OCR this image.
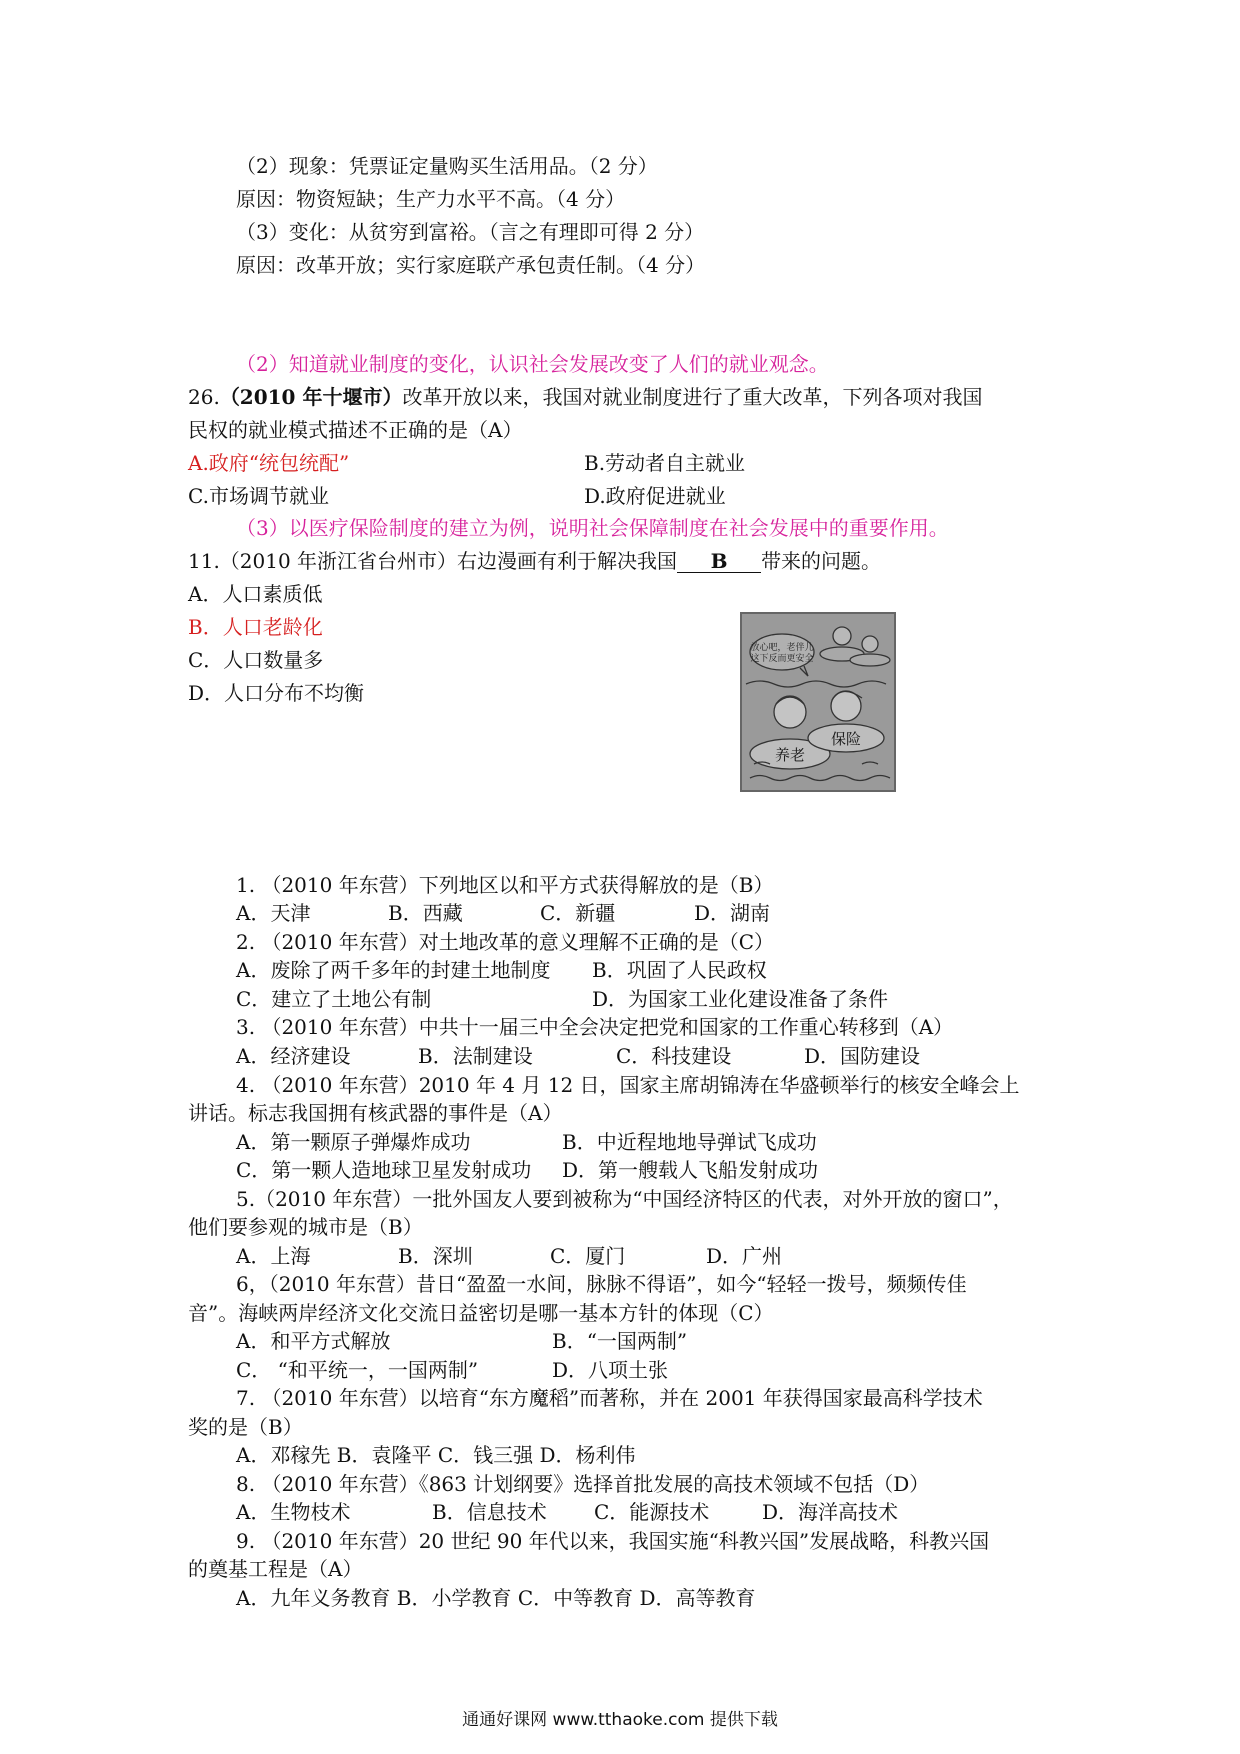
（2）现象：凭票证定量购买生活用品。（2 分）
原因：物资短缺；生产力水平不高。（4 分）
（3）变化：从贫穷到富裕。（言之有理即可得 2 分）
原因：改革开放；实行家庭联产承包责任制。（4 分）
（2）知道就业制度的变化，认识社会发展改变了人们的就业观念。
26.（2010 年十堰市）改革开放以来，我国对就业制度进行了重大改革，下列各项对我国
民权的就业模式描述不正确的是（A）
A.政府“统包统配”	B.劳动者自主就业
C.市场调节就业	D.政府促进就业
（3）以医疗保险制度的建立为例，说明社会保障制度在社会发展中的重要作用。
11.（2010 年浙江省台州市）右边漫画有利于解决我国 B 带来的问题。
A．人口素质低
B．人口老龄化
C．人口数量多
D．人口分布不均衡
放心吧，老伴儿
这下反而更安全
养老
保险
1. （2010 年东营）下列地区以和平方式获得解放的是（B）
A．天津	B．西藏	C．新疆	D．湖南
2. （2010 年东营）对土地改革的意义理解不正确的是（C）
A．废除了两千多年的封建土地制度 B．巩固了人民政权
C．建立了土地公有制	D．为国家工业化建设准备了条件
3. （2010 年东营）中共十一届三中全会决定把党和国家的工作重心转移到（A）
A．经济建设	B．法制建设	C．科技建设	D．国防建设
4. （2010 年东营）2010 年 4 月 12 日，国家主席胡锦涛在华盛顿举行的核安全峰会上
讲话。标志我国拥有核武器的事件是（A）
A．第一颗原子弹爆炸成功	B．中近程地地导弹试飞成功
C．第一颗人造地球卫星发射成功 D．第一艘载人飞船发射成功
5.（2010 年东营）一批外国友人要到被称为“中国经济特区的代表，对外开放的窗口”，
他们要参观的城市是（B）
A．上海	B．深圳	C．厦门	D．广州
6，（2010 年东营）昔日“盈盈一水间，脉脉不得语”，如今“轻轻一拨号，频频传佳
音”。海峡两岸经济文化交流日益密切是哪一基本方针的体现（C）
A．和平方式解放	B．“一国两制”
C． “和平统一，一国两制”	D．八项土张
7. （2010 年东营）以培育“东方魔稻”而著称，并在 2001 年获得国家最高科学技术
奖的是（B）
A．邓稼先 B．袁隆平 C．钱三强 D．杨利伟
8. （2010 年东营）《863 计划纲要》选择首批发展的高技术领域不包括（D）
A．生物枝术	B．信息技术 C．能源技术	D．海洋高技术
9. （2010 年东营）20 世纪 90 年代以来，我国实施“科教兴国”发展战略，科教兴国
的奠基工程是（A）
A．九年义务教育 B．小学教育 C．中等教育 D．高等教育
通通好课网 www.tthaoke.com 提供下载
